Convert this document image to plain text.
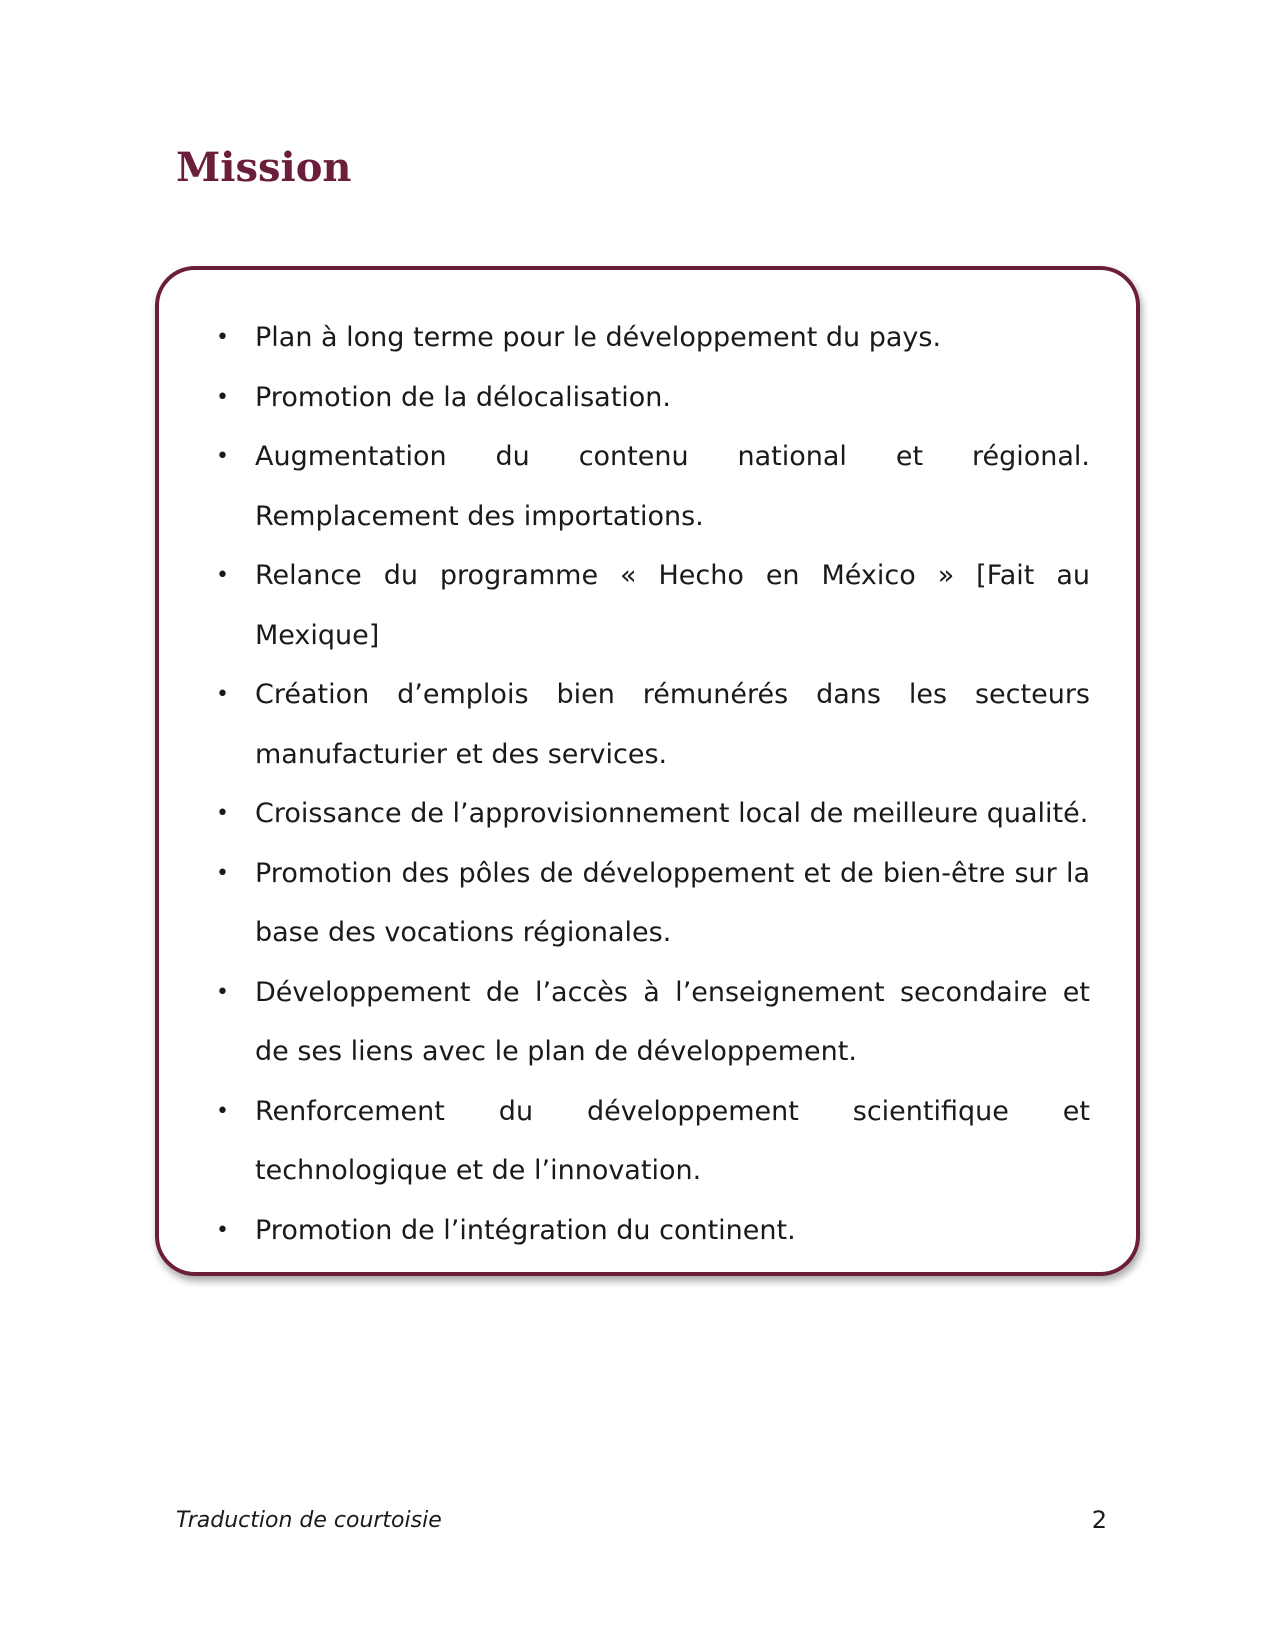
Mission
• Plan à long terme pour le développement du pays.
• Promotion de la délocalisation.
• Augmentation du contenu national et régional. Remplacement des importations.
• Relance du programme « Hecho en México » [Fait au Mexique]
• Création d’emplois bien rémunérés dans les secteurs manufacturier et des services.
• Croissance de l’approvisionnement local de meilleure qualité.
• Promotion des pôles de développement et de bien-être sur la base des vocations régionales.
• Développement de l’accès à l’enseignement secondaire et de ses liens avec le plan de développement.
• Renforcement du développement scientifique et technologique et de l’innovation.
• Promotion de l’intégration du continent.
Traduction de courtoisie	2
